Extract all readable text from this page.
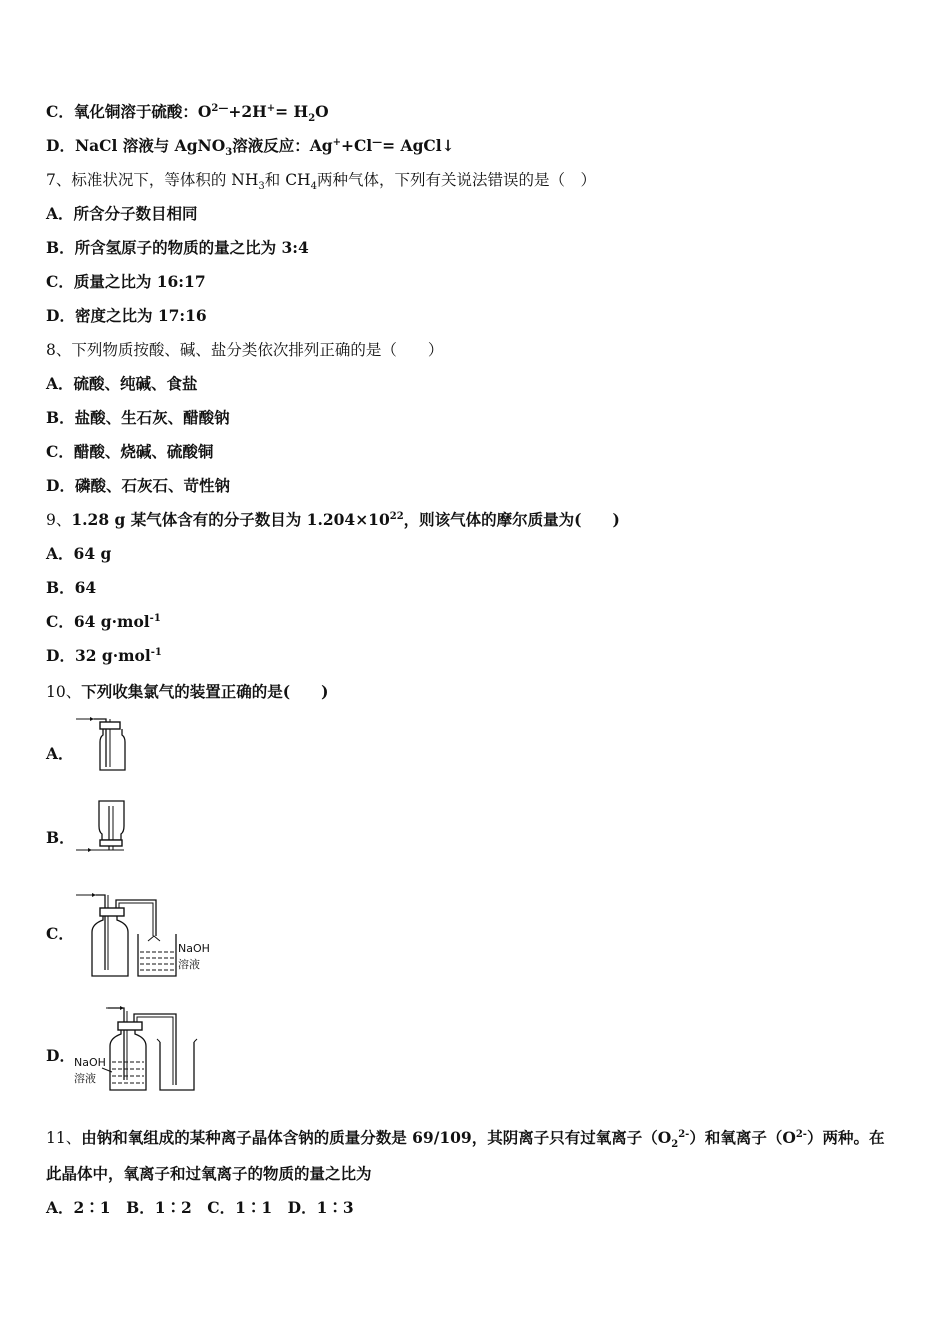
C．氧化铜溶于硫酸：$O^{2—}+2H^+= H_2O$
D．NaCl 溶液与 AgNO$_3$溶液反应：Ag++Cl—= AgCl↓
7、标准状况下，等体积的 $NH_3$和 $CH_4$两种气体，下列有关说法错误的是（　）
A．所含分子数目相同
B．所含氢原子的物质的量之比为 3:4
C．质量之比为 16:17
D．密度之比为 17:16
8、下列物质按酸、碱、盐分类依次排列正确的是（　　）
A．硫酸、纯碱、食盐
B．盐酸、生石灰、醋酸钠
C．醋酸、烧碱、硫酸铜
D．磷酸、石灰石、苛性钠
9、1.28 g 某气体含有的分子数目为 $1.204\times 10^{22}$，则该气体的摩尔质量为(　　)
A．64 g
B．64
C．64 g·mol$^{-1}$
D．32 g·mol$^{-1}$
10、下列收集氯气的装置正确的是(　　)
A．
B．
C．
NaOH
溶液
D． NaOH
溶液
11、由钠和氧组成的某种离子晶体含钠的质量分数是 69/109，其阴离子只有过氧离子$(O_2^{2-})$和氧离子$(O^{2-})$两种。在
此晶体中，氧离子和过氧离子的物质的量之比为
A．2∶1　B．1∶2　C．1∶1　D．1∶3
